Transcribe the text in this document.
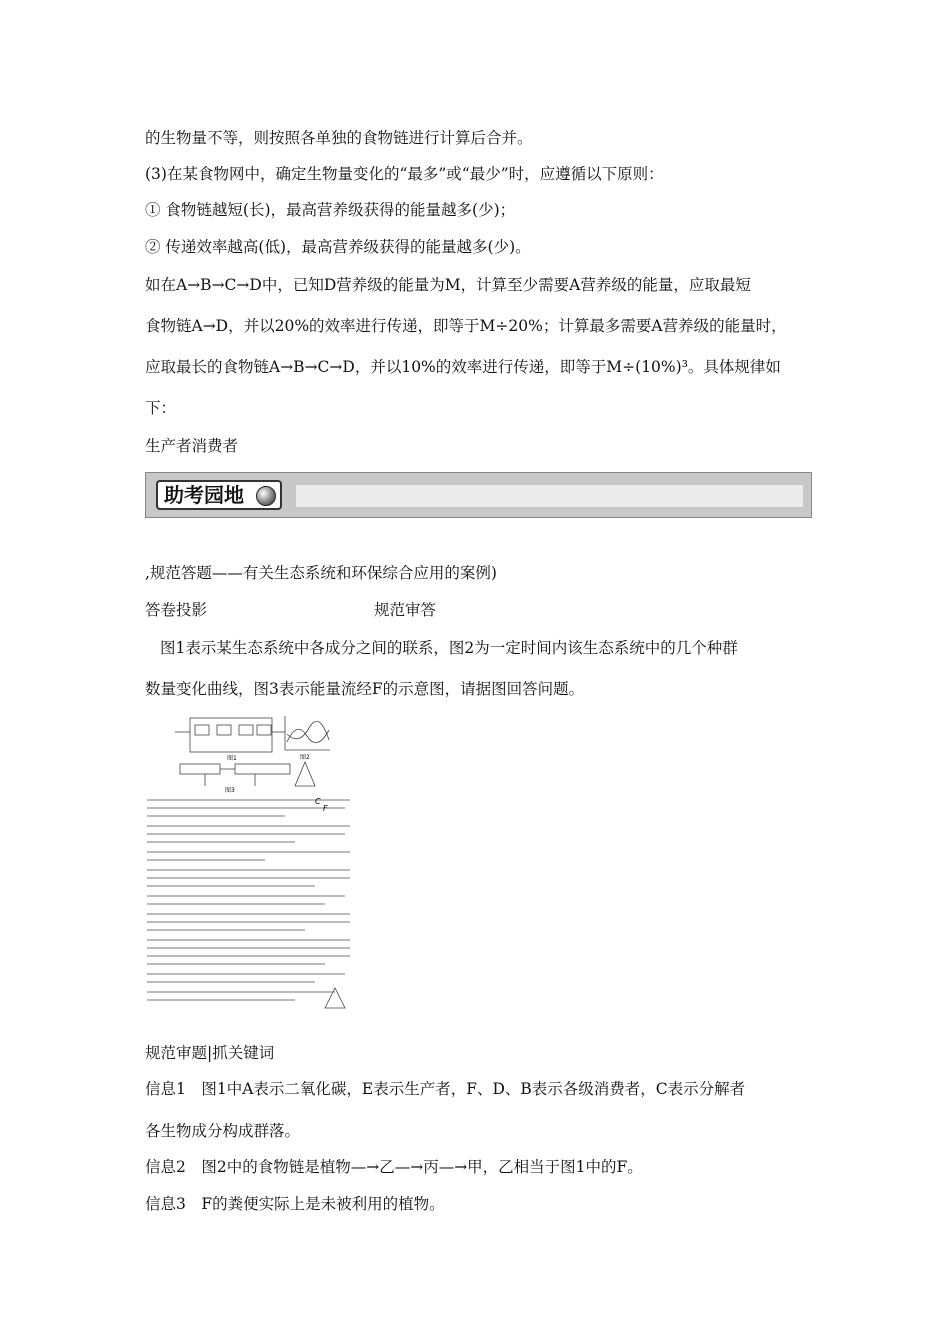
的生物量不等，则按照各单独的食物链进行计算后合并。
(3)在某食物网中，确定生物量变化的“最多”或“最少”时，应遵循以下原则：
① 食物链越短(长)，最高营养级获得的能量越多(少)；
② 传递效率越高(低)，最高营养级获得的能量越多(少)。
如在A→B→C→D中，已知D营养级的能量为M，计算至少需要A营养级的能量，应取最短
食物链A→D，并以20%的效率进行传递，即等于M÷20%；计算最多需要A营养级的能量时，
应取最长的食物链A→B→C→D，并以10%的效率进行传递，即等于M÷(10%)³。具体规律如
下：
生产者消费者
助考园地
,规范答题——有关生态系统和环保综合应用的案例)
答卷投影	规范审答
图1表示某生态系统中各成分之间的联系，图2为一定时间内该生态系统中的几个种群
数量变化曲线，图3表示能量流经F的示意图，请据图回答问题。
图1	图2
图3
C
F
规范审题|抓关键词
信息1　图1中A表示二氧化碳，E表示生产者，F、D、B表示各级消费者，C表示分解者
各生物成分构成群落。
信息2　图2中的食物链是植物—→乙—→丙—→甲，乙相当于图1中的F。
信息3　F的粪便实际上是未被利用的植物。
